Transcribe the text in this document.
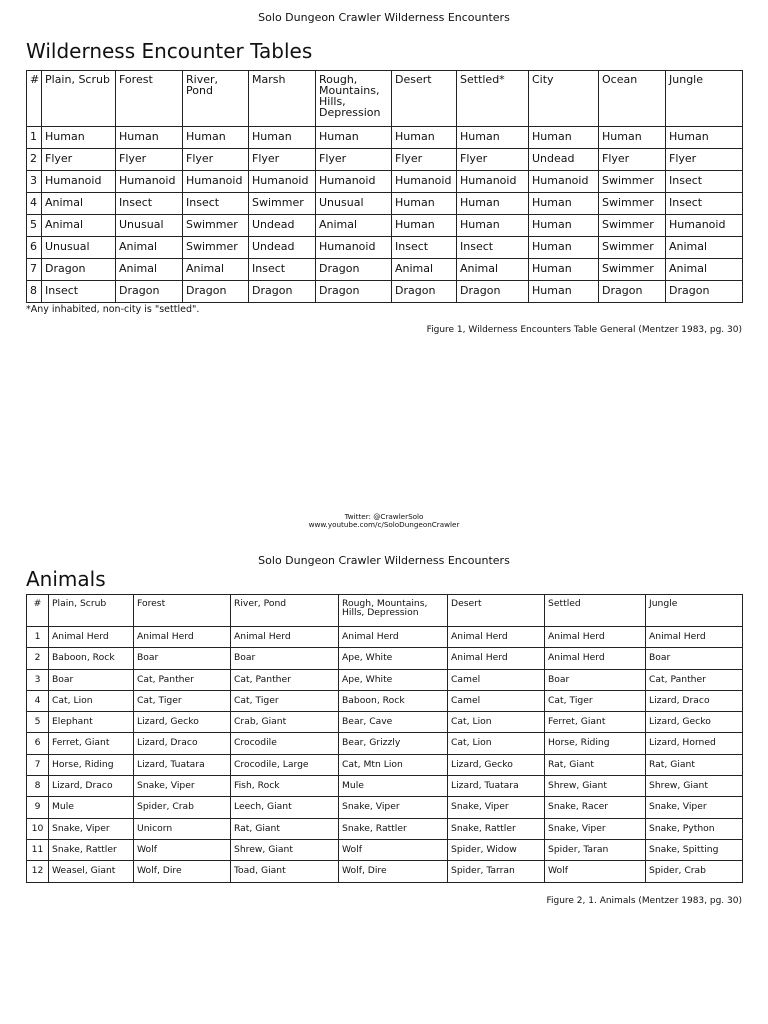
Solo Dungeon Crawler Wilderness Encounters
Wilderness Encounter Tables
#	Plain, Scrub	Forest	River, Pond	Marsh	Rough, Mountains, Hills, Depression	Desert	Settled*	City	Ocean	Jungle
1	Human	Human	Human	Human	Human	Human	Human	Human	Human	Human
2	Flyer	Flyer	Flyer	Flyer	Flyer	Flyer	Flyer	Undead	Flyer	Flyer
3	Humanoid	Humanoid	Humanoid	Humanoid	Humanoid	Humanoid	Humanoid	Humanoid	Swimmer	Insect
4	Animal	Insect	Insect	Swimmer	Unusual	Human	Human	Human	Swimmer	Insect
5	Animal	Unusual	Swimmer	Undead	Animal	Human	Human	Human	Swimmer	Humanoid
6	Unusual	Animal	Swimmer	Undead	Humanoid	Insect	Insect	Human	Swimmer	Animal
7	Dragon	Animal	Animal	Insect	Dragon	Animal	Animal	Human	Swimmer	Animal
8	Insect	Dragon	Dragon	Dragon	Dragon	Dragon	Dragon	Human	Dragon	Dragon
*Any inhabited, non-city is "settled".
Figure 1, Wilderness Encounters Table General (Mentzer 1983, pg. 30)
Twitter: @CrawlerSolo
www.youtube.com/c/SoloDungeonCrawler
Solo Dungeon Crawler Wilderness Encounters
Animals
#	Plain, Scrub	Forest	River, Pond	Rough, Mountains, Hills, Depression	Desert	Settled	Jungle
1	Animal Herd	Animal Herd	Animal Herd	Animal Herd	Animal Herd	Animal Herd	Animal Herd
2	Baboon, Rock	Boar	Boar	Ape, White	Animal Herd	Animal Herd	Boar
3	Boar	Cat, Panther	Cat, Panther	Ape, White	Camel	Boar	Cat, Panther
4	Cat, Lion	Cat, Tiger	Cat, Tiger	Baboon, Rock	Camel	Cat, Tiger	Lizard, Draco
5	Elephant	Lizard, Gecko	Crab, Giant	Bear, Cave	Cat, Lion	Ferret, Giant	Lizard, Gecko
6	Ferret, Giant	Lizard, Draco	Crocodile	Bear, Grizzly	Cat, Lion	Horse, Riding	Lizard, Horned
7	Horse, Riding	Lizard, Tuatara	Crocodile, Large	Cat, Mtn Lion	Lizard, Gecko	Rat, Giant	Rat, Giant
8	Lizard, Draco	Snake, Viper	Fish, Rock	Mule	Lizard, Tuatara	Shrew, Giant	Shrew, Giant
9	Mule	Spider, Crab	Leech, Giant	Snake, Viper	Snake, Viper	Snake, Racer	Snake, Viper
10	Snake, Viper	Unicorn	Rat, Giant	Snake, Rattler	Snake, Rattler	Snake, Viper	Snake, Python
11	Snake, Rattler	Wolf	Shrew, Giant	Wolf	Spider, Widow	Spider, Taran	Snake, Spitting
12	Weasel, Giant	Wolf, Dire	Toad, Giant	Wolf, Dire	Spider, Tarran	Wolf	Spider, Crab
Figure 2, 1. Animals (Mentzer 1983, pg. 30)
